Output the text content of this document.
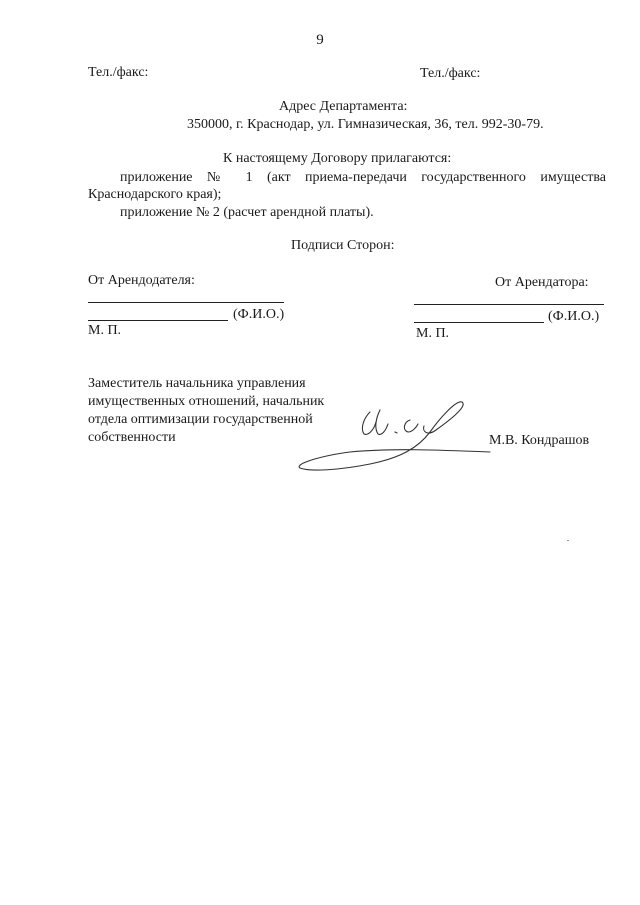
9
Тел./факс:	Тел./факс:
Адрес Департамента:
350000, г. Краснодар, ул. Гимназическая, 36, тел. 992-30-79.
К настоящему Договору прилагаются:
приложение № 1 (акт приема-передачи государственного имущества
Краснодарского края);
приложение № 2 (расчет арендной платы).
Подписи Сторон:
От Арендодателя:
(Ф.И.О.)
М. П.
От Арендатора:
(Ф.И.О.)
М. П.
Заместитель начальника управления
имущественных отношений, начальник
отдела оптимизации государственной
собственности	М.В. Кондрашов
